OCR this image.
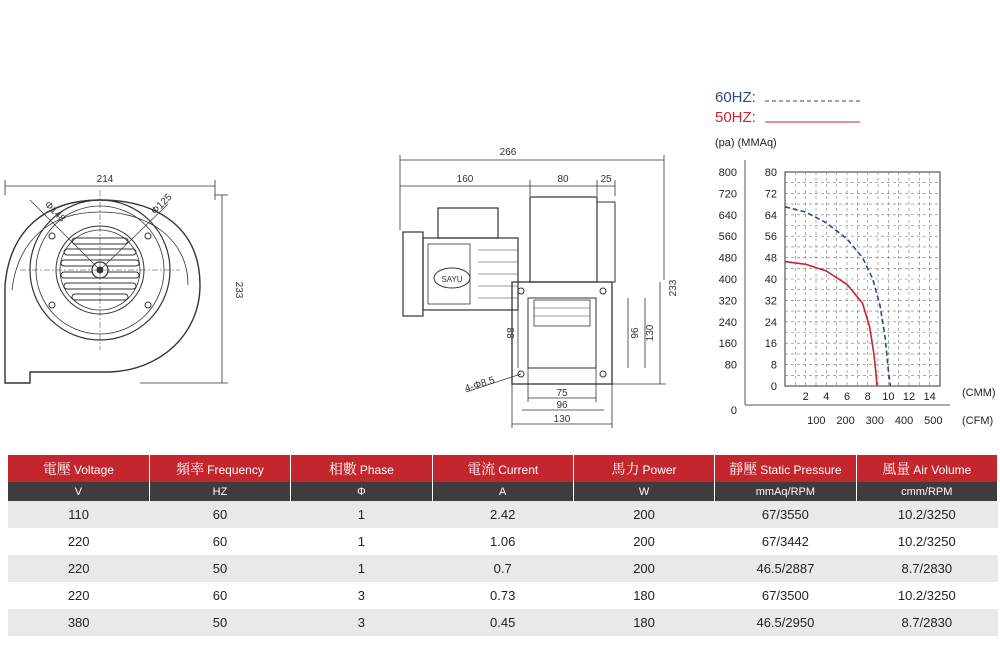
214
233
Φ148	Φ125
266
160	80	25
233
88	96 130
75
96
130
4-Φ8.5
SAYU
60HZ:
50HZ:
(pa) (MMAq)
80
72
64
56
48
40
32
24
16
8
0
800
720
640
560
480
400
320
240
160
80
0
2 4 6 8 10 12 14
100 200 300 400 500
(CMM)
(CFM)
電壓 Voltage	頻率 Frequency	相數 Phase	電流 Current	馬力 Power	靜壓 Static Pressure	風量 Air Volume
V	HZ	Φ	A	W	mmAq/RPM	cmm/RPM
110	60	1	2.42	200	67/3550	10.2/3250
220	60	1	1.06	200	67/3442	10.2/3250
220	50	1	0.7	200	46.5/2887	8.7/2830
220	60	3	0.73	180	67/3500	10.2/3250
380	50	3	0.45	180	46.5/2950	8.7/2830
